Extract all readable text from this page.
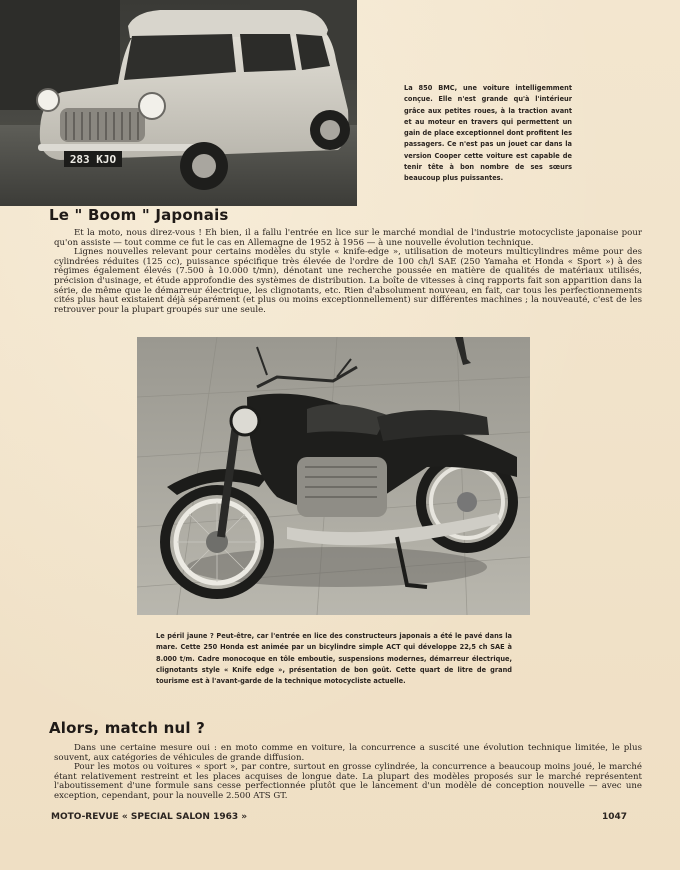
283 KJO
La 850 BMC, une voiture intelligemment conçue. Elle n'est grande qu'à l'intérieur grâce aux petites roues, à la traction avant et au moteur en travers qui permettent un gain de place exceptionnel dont profitent les passagers. Ce n'est pas un jouet car dans la version Cooper cette voiture est capable de tenir tête à bon nombre de ses sœurs beaucoup plus puissantes.
Le " Boom " Japonais

Et la moto, nous direz-vous ! Eh bien, il a fallu l'entrée en lice sur le marché mondial de l'industrie motocycliste japonaise pour qu'on assiste — tout comme ce fut le cas en Allemagne de 1952 à 1956 — à une nouvelle évolution technique.

Lignes nouvelles relevant pour certains modèles du style « knife-edge », utilisation de moteurs multicylindres même pour des cylindrées réduites (125 cc), puissance spécifique très élevée de l'ordre de 100 ch/l SAE (250 Yamaha et Honda « Sport ») à des régimes également élevés (7.500 à 10.000 t/mn), dénotant une recherche poussée en matière de qualités de matériaux utilisés, précision d'usinage, et étude approfondie des systèmes de distribution. La boîte de vitesses à cinq rapports fait son apparition dans la série, de même que le démarreur électrique, les clignotants, etc. Rien d'absolument nouveau, en fait, car tous les perfectionnements cités plus haut existaient déjà séparément (et plus ou moins exceptionnellement) sur différentes machines ; la nouveauté, c'est de les retrouver pour la plupart groupés sur une seule.

Le péril jaune ? Peut-être, car l'entrée en lice des constructeurs japonais a été le pavé dans la mare. Cette 250 Honda est animée par un bicylindre simple ACT qui développe 22,5 ch SAE à 8.000 t/m. Cadre monocoque en tôle emboutie, suspensions modernes, démarreur électrique, clignotants style « Knife edge », présentation de bon goût. Cette quart de litre de grand tourisme est à l'avant-garde de la technique motocycliste actuelle.

Alors, match nul ?

Dans une certaine mesure oui : en moto comme en voiture, la concurrence a suscité une évolution technique limitée, le plus souvent, aux catégories de véhicules de grande diffusion.

Pour les motos ou voitures « sport », par contre, surtout en grosse cylindrée, la concurrence a beaucoup moins joué, le marché étant relativement restreint et les places acquises de longue date. La plupart des modèles proposés sur le marché représentent l'aboutissement d'une formule sans cesse perfectionnée plutôt que le lancement d'un modèle de conception nouvelle — avec une exception, cependant, pour la nouvelle 2.500 ATS GT.

MOTO-REVUE « SPECIAL SALON 1963 »	1047
